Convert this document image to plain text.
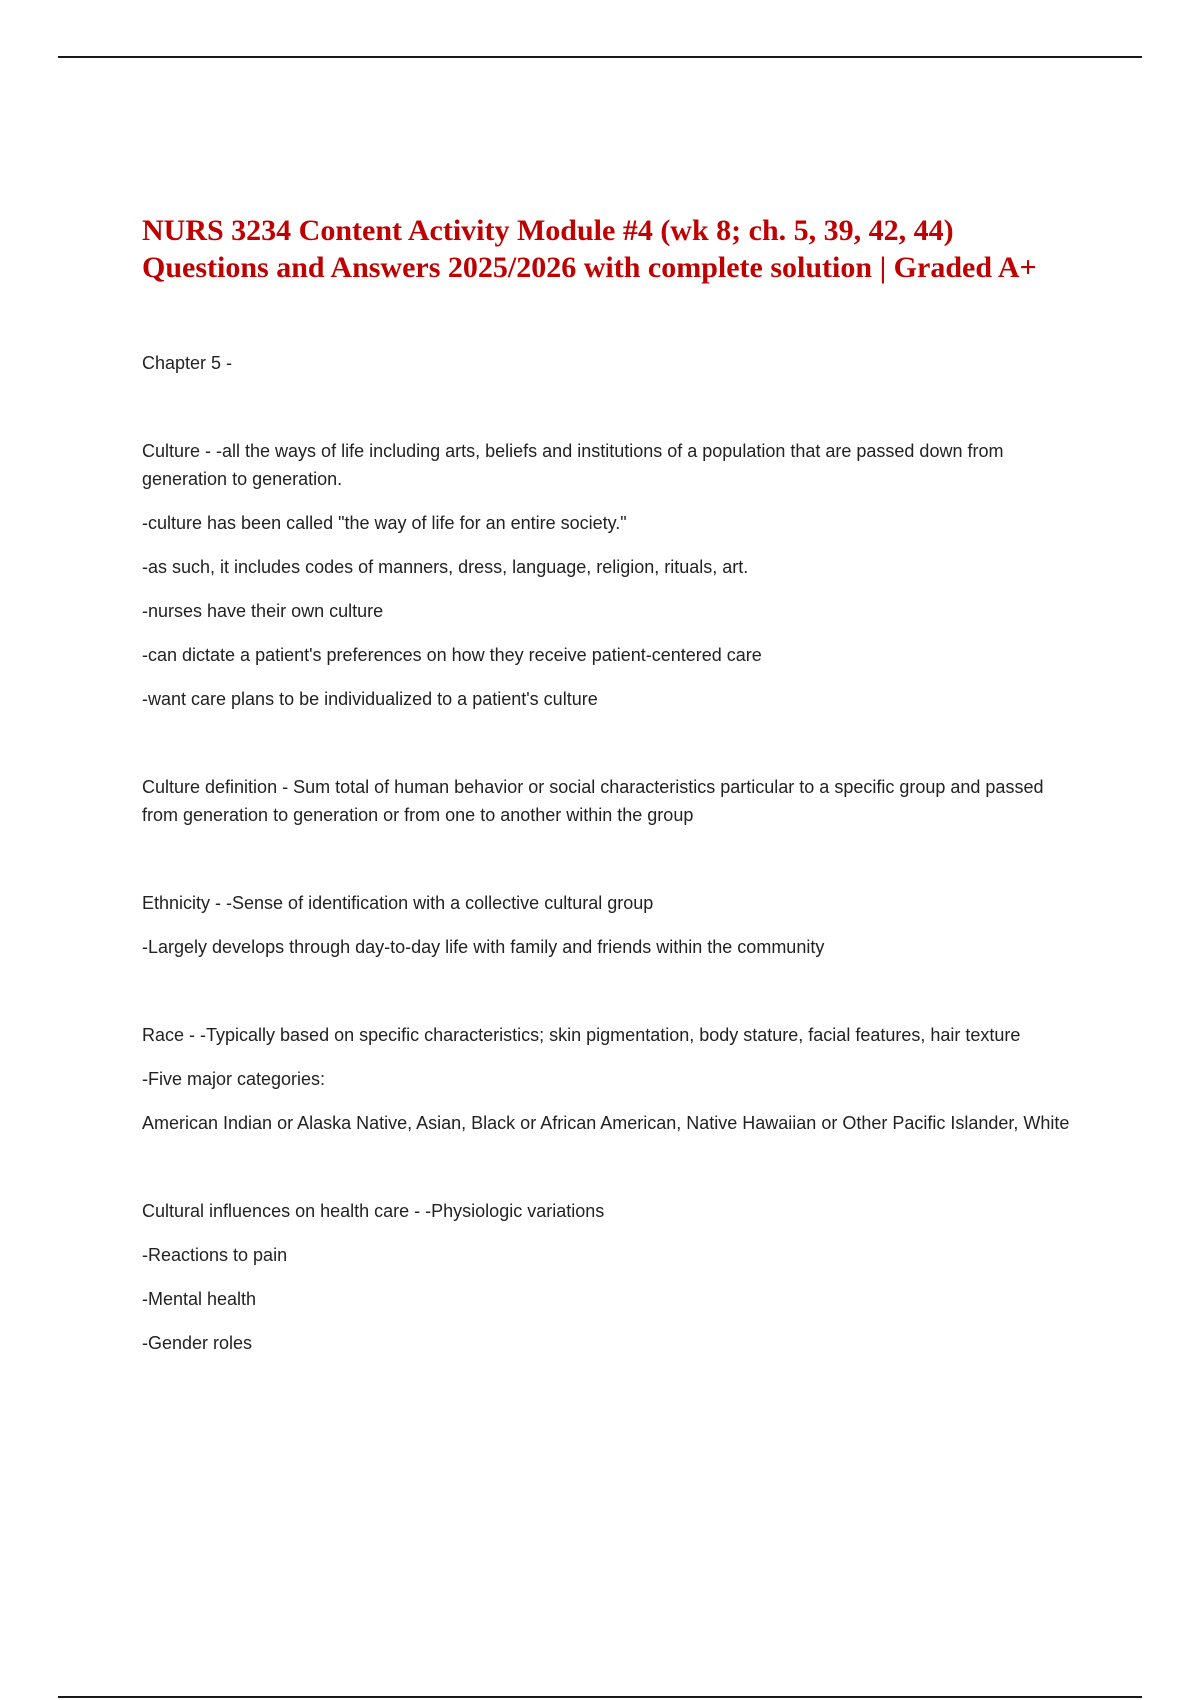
NURS 3234 Content Activity Module #4 (wk 8; ch. 5, 39, 42, 44) Questions and Answers 2025/2026 with complete solution | Graded A+

Chapter 5 -

Culture - -all the ways of life including arts, beliefs and institutions of a population that are passed down from generation to generation.

-culture has been called "the way of life for an entire society."

-as such, it includes codes of manners, dress, language, religion, rituals, art.

-nurses have their own culture

-can dictate a patient's preferences on how they receive patient-centered care

-want care plans to be individualized to a patient's culture

Culture definition - Sum total of human behavior or social characteristics particular to a specific group and passed from generation to generation or from one to another within the group

Ethnicity - -Sense of identification with a collective cultural group

-Largely develops through day-to-day life with family and friends within the community

Race - -Typically based on specific characteristics; skin pigmentation, body stature, facial features, hair texture

-Five major categories:

American Indian or Alaska Native, Asian, Black or African American, Native Hawaiian or Other Pacific Islander, White

Cultural influences on health care - -Physiologic variations

-Reactions to pain

-Mental health

-Gender roles
